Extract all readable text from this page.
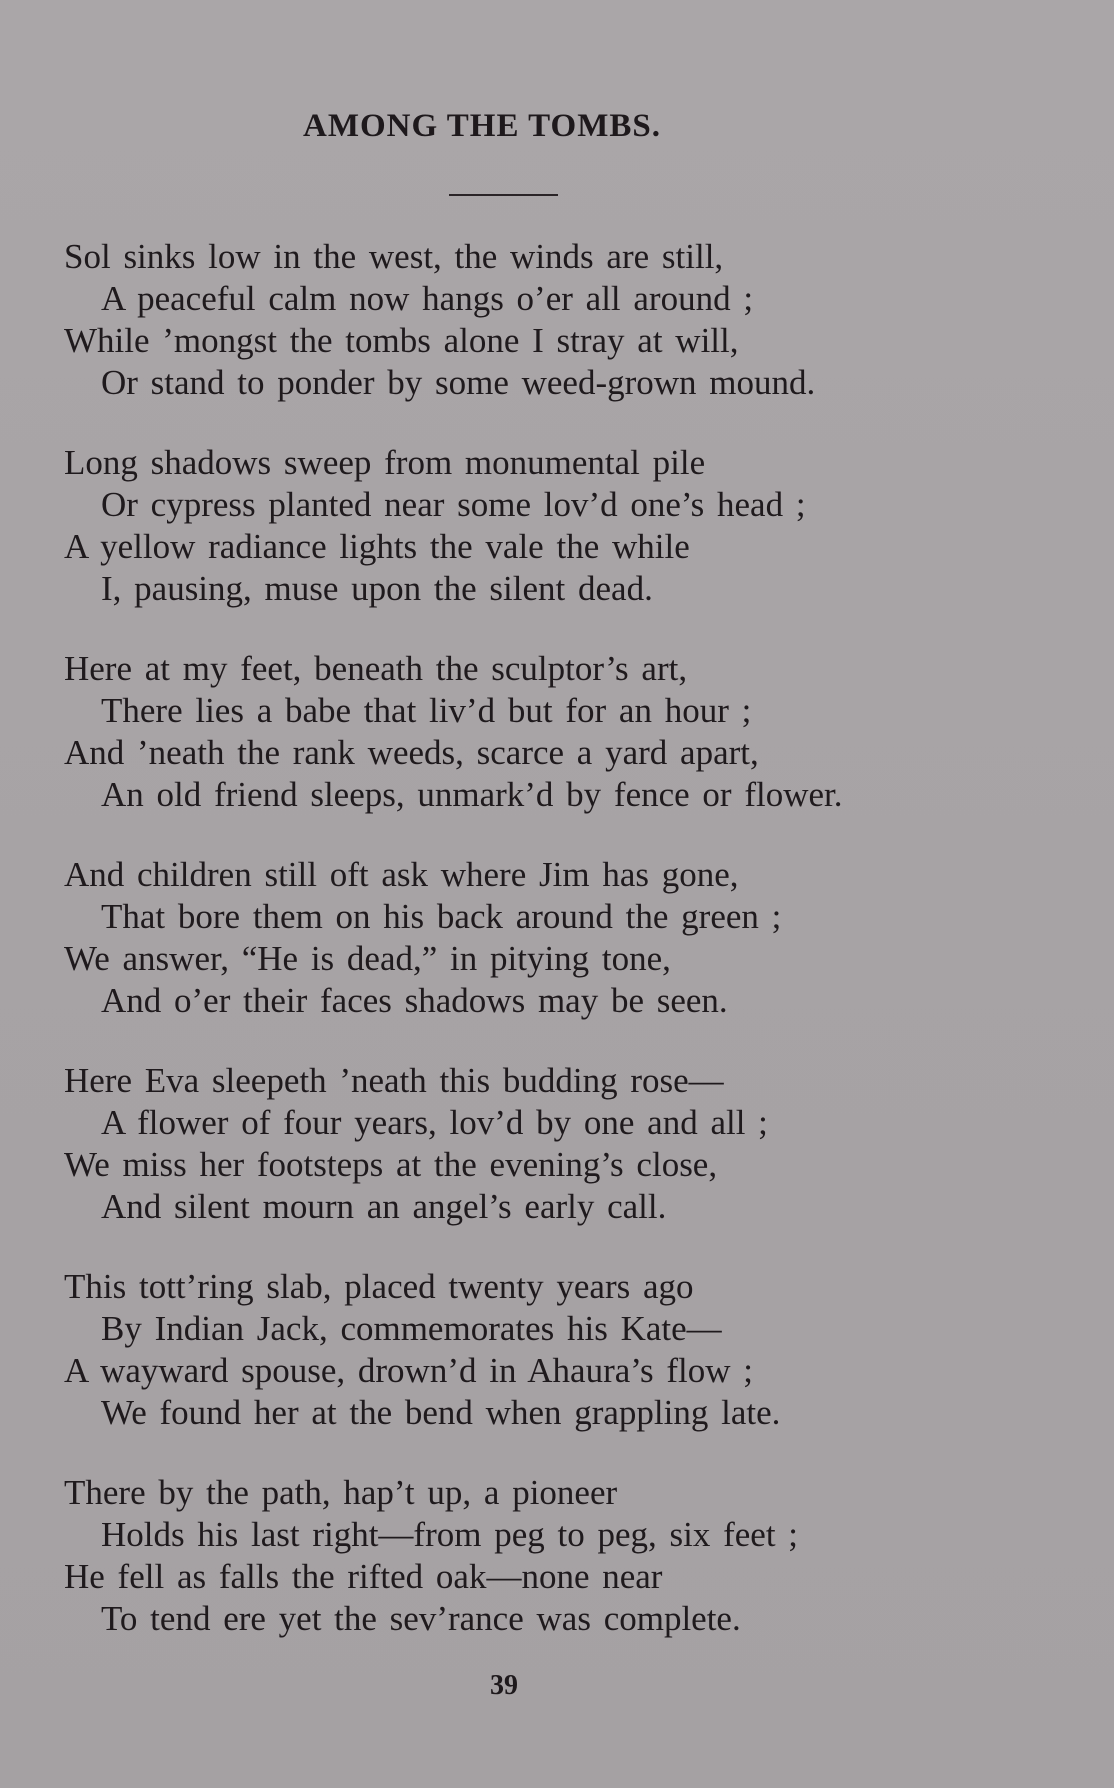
AMONG THE TOMBS.
Sol sinks low in the west, the winds are still,
A peaceful calm now hangs o’er all around ;
While ’mongst the tombs alone I stray at will,
Or stand to ponder by some weed-grown mound.
Long shadows sweep from monumental pile
Or cypress planted near some lov’d one’s head ;
A yellow radiance lights the vale the while
I, pausing, muse upon the silent dead.
Here at my feet, beneath the sculptor’s art,
There lies a babe that liv’d but for an hour ;
And ’neath the rank weeds, scarce a yard apart,
An old friend sleeps, unmark’d by fence or flower.
And children still oft ask where Jim has gone,
That bore them on his back around the green ;
We answer, “He is dead,” in pitying tone,
And o’er their faces shadows may be seen.
Here Eva sleepeth ’neath this budding rose—
A flower of four years, lov’d by one and all ;
We miss her footsteps at the evening’s close,
And silent mourn an angel’s early call.
This tott’ring slab, placed twenty years ago
By Indian Jack, commemorates his Kate—
A wayward spouse, drown’d in Ahaura’s flow ;
We found her at the bend when grappling late.
There by the path, hap’t up, a pioneer
Holds his last right—from peg to peg, six feet ;
He fell as falls the rifted oak—none near
To tend ere yet the sev’rance was complete.
39
